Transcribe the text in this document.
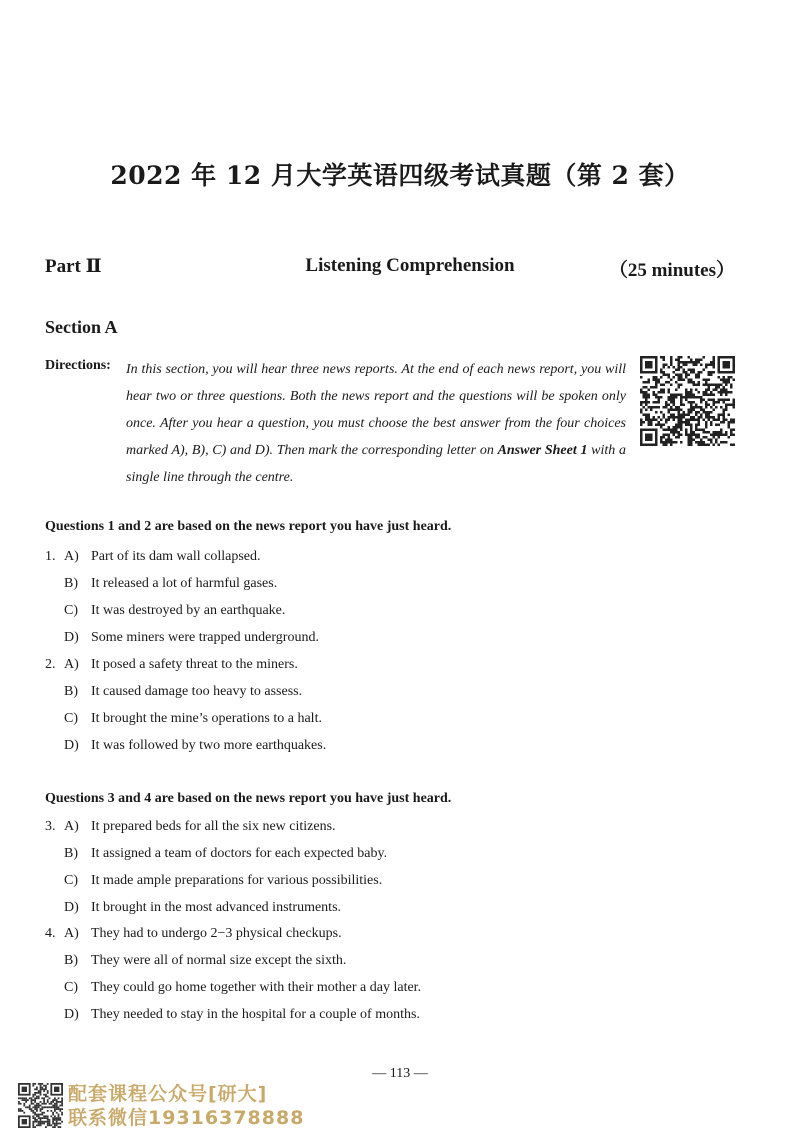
2022 年 12 月大学英语四级考试真题（第 2 套）
Part Ⅱ	Listening Comprehension	（25 minutes）
Section A
Directions: In this section, you will hear three news reports. At the end of each news report, you will hear two or three questions. Both the news report and the questions will be spoken only once. After you hear a question, you must choose the best answer from the four choices marked A), B), C) and D). Then mark the corresponding letter on Answer Sheet 1 with a single line through the centre.
Questions 1 and 2 are based on the news report you have just heard.
1. A) Part of its dam wall collapsed.
B) It released a lot of harmful gases.
C) It was destroyed by an earthquake.
D) Some miners were trapped underground.
2. A) It posed a safety threat to the miners.
B) It caused damage too heavy to assess.
C) It brought the mine’s operations to a halt.
D) It was followed by two more earthquakes.
Questions 3 and 4 are based on the news report you have just heard.
3. A) It prepared beds for all the six new citizens.
B) It assigned a team of doctors for each expected baby.
C) It made ample preparations for various possibilities.
D) It brought in the most advanced instruments.
4. A) They had to undergo 2−3 physical checkups.
B) They were all of normal size except the sixth.
C) They could go home together with their mother a day later.
D) They needed to stay in the hospital for a couple of months.
— 113 —
配套课程公众号[研大]
联系微信19316378888
